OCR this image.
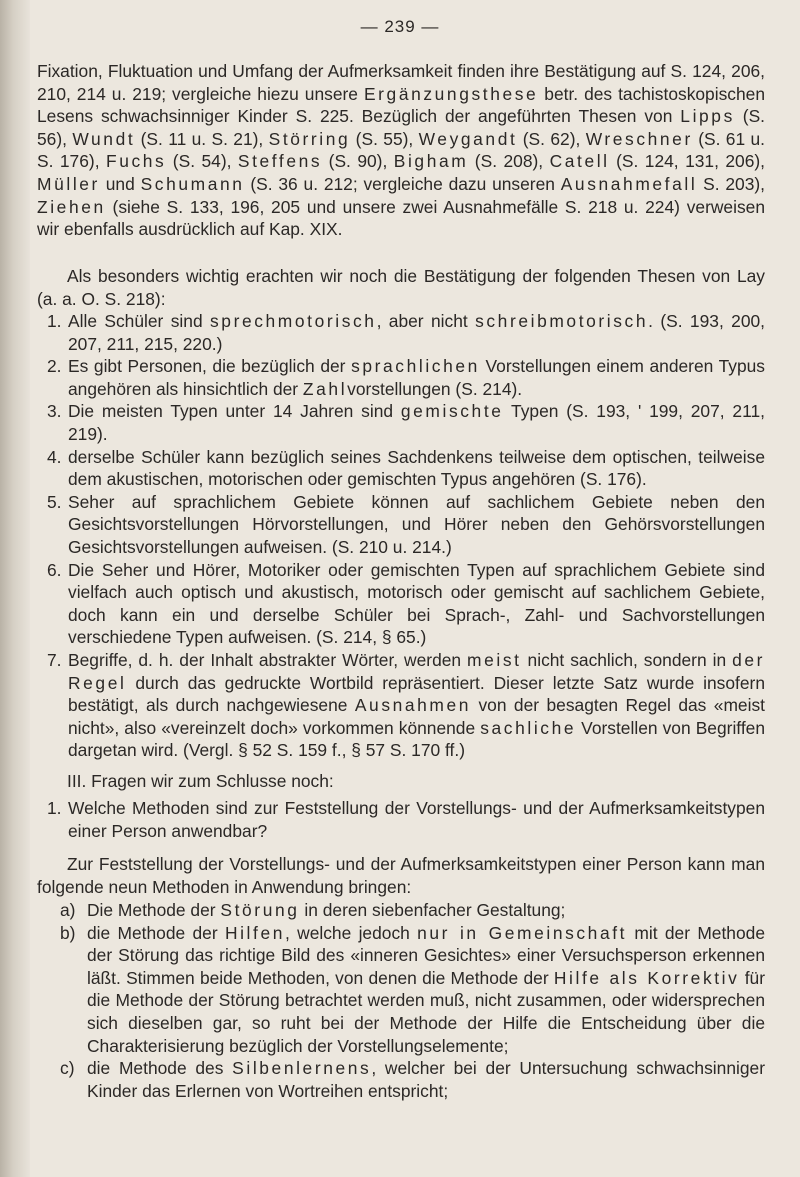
— 239 —

Fixation, Fluktuation und Umfang der Aufmerksamkeit finden ihre Bestätigung auf S. 124, 206, 210, 214 u. 219; vergleiche hiezu unsere Ergänzungsthese betr. des tachistoskopischen Lesens schwachsinniger Kinder S. 225. Bezüglich der angeführten Thesen von Lipps (S. 56), Wundt (S. 11 u. S. 21), Störring (S. 55), Weygandt (S. 62), Wreschner (S. 61 u. S. 176), Fuchs (S. 54), Steffens (S. 90), Bigham (S. 208), Catell (S. 124, 131, 206), Müller und Schumann (S. 36 u. 212; vergleiche dazu unseren Ausnahmefall S. 203), Ziehen (siehe S. 133, 196, 205 und unsere zwei Ausnahmefälle S. 218 u. 224) verweisen wir ebenfalls ausdrücklich auf Kap. XIX.

Als besonders wichtig erachten wir noch die Bestätigung der folgenden Thesen von Lay (a. a. O. S. 218):

1. Alle Schüler sind sprechmotorisch, aber nicht schreibmotorisch. (S. 193, 200, 207, 211, 215, 220.)
2. Es gibt Personen, die bezüglich der sprachlichen Vorstellungen einem anderen Typus angehören als hinsichtlich der Zahlvorstellungen (S. 214).
3. Die meisten Typen unter 14 Jahren sind gemischte Typen (S. 193, ' 199, 207, 211, 219).
4. derselbe Schüler kann bezüglich seines Sachdenkens teilweise dem optischen, teilweise dem akustischen, motorischen oder gemischten Typus angehören (S. 176).
5. Seher auf sprachlichem Gebiete können auf sachlichem Gebiete neben den Gesichtsvorstellungen Hörvorstellungen, und Hörer neben den Gehörsvorstellungen Gesichtsvorstellungen aufweisen. (S. 210 u. 214.)
6. Die Seher und Hörer, Motoriker oder gemischten Typen auf sprachlichem Gebiete sind vielfach auch optisch und akustisch, motorisch oder gemischt auf sachlichem Gebiete, doch kann ein und derselbe Schüler bei Sprach-, Zahl- und Sachvorstellungen verschiedene Typen aufweisen. (S. 214, § 65.)
7. Begriffe, d. h. der Inhalt abstrakter Wörter, werden meist nicht sachlich, sondern in der Regel durch das gedruckte Wortbild repräsentiert. Dieser letzte Satz wurde insofern bestätigt, als durch nachgewiesene Ausnahmen von der besagten Regel das «meist nicht», also «vereinzelt doch» vorkommen könnende sachliche Vorstellen von Begriffen dargetan wird. (Vergl. § 52 S. 159 f., § 57 S. 170 ff.)

III. Fragen wir zum Schlusse noch:

1. Welche Methoden sind zur Feststellung der Vorstellungs- und der Aufmerksamkeitstypen einer Person anwendbar?

Zur Feststellung der Vorstellungs- und der Aufmerksamkeitstypen einer Person kann man folgende neun Methoden in Anwendung bringen:

a) Die Methode der Störung in deren siebenfacher Gestaltung;
b) die Methode der Hilfen, welche jedoch nur in Gemeinschaft mit der Methode der Störung das richtige Bild des «inneren Gesichtes» einer Versuchsperson erkennen läßt. Stimmen beide Methoden, von denen die Methode der Hilfe als Korrektiv für die Methode der Störung betrachtet werden muß, nicht zusammen, oder widersprechen sich dieselben gar, so ruht bei der Methode der Hilfe die Entscheidung über die Charakterisierung bezüglich der Vorstellungselemente;
c) die Methode des Silbenlernens, welcher bei der Untersuchung schwachsinniger Kinder das Erlernen von Wortreihen entspricht;
